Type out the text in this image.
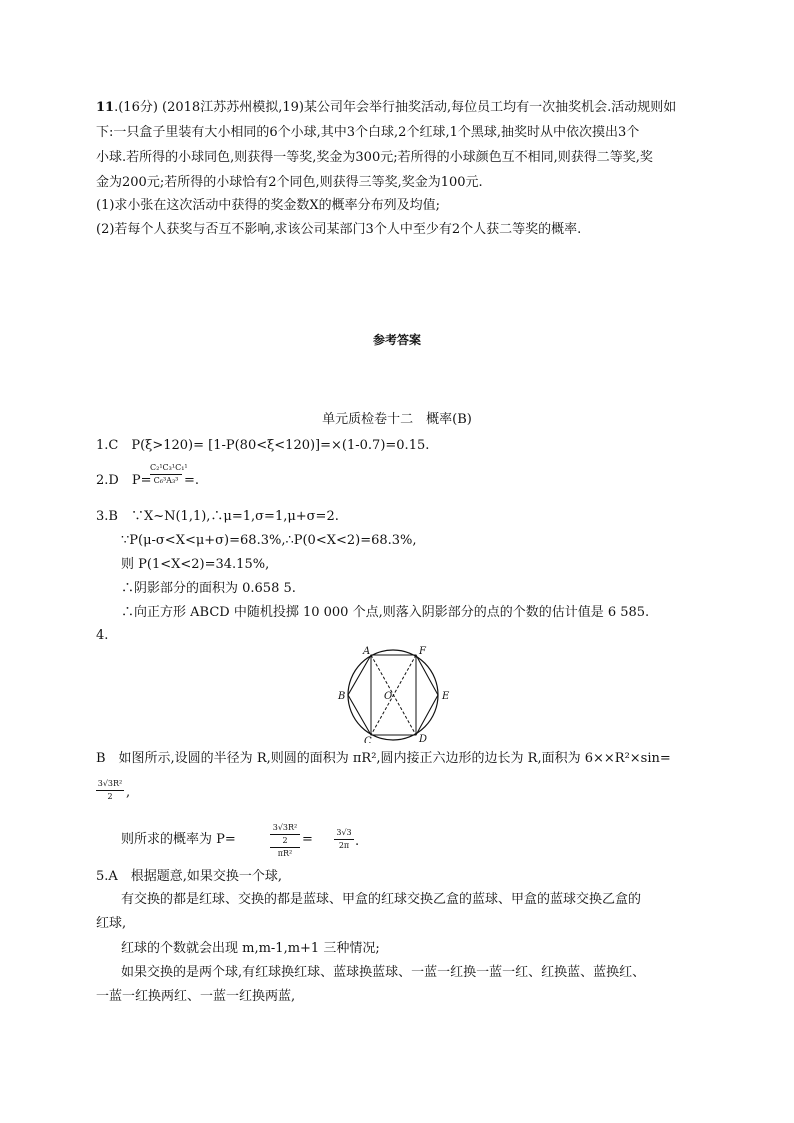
11.(16分) (2018江苏苏州模拟,19)某公司年会举行抽奖活动,每位员工均有一次抽奖机会.活动规则如
下:一只盒子里装有大小相同的6个小球,其中3个白球,2个红球,1个黑球,抽奖时从中依次摸出3个
小球.若所得的小球同色,则获得一等奖,奖金为300元;若所得的小球颜色互不相同,则获得二等奖,奖
金为200元;若所得的小球恰有2个同色,则获得三等奖,奖金为100元.
(1)求小张在这次活动中获得的奖金数X的概率分布列及均值;
(2)若每个人获奖与否互不影响,求该公司某部门3个人中至少有2个人获二等奖的概率.
参考答案
单元质检卷十二　概率(B)
1.C　P(ξ>120)= [1-P(80<ξ<120)]=×(1-0.7)=0.15.
2.D　P=
C₂¹C₃¹C₁¹
C₆³A₃³ =.
3.B　∵X~N(1,1),∴μ=1,σ=1,μ+σ=2.
∵P(μ-σ<X<μ+σ)=68.3%,∴P(0<X<2)=68.3%,
则 P(1<X<2)=34.15%,
∴阴影部分的面积为 0.658 5.
∴向正方形 ABCD 中随机投掷 10 000 个点,则落入阴影部分的点的个数的估计值是 6 585.
4.
A	F
B	O	E
C	D
B　如图所示,设圆的半径为 R,则圆的面积为 πR²,圆内接正六边形的边长为 R,面积为 6××R²×sin=
3√3R²
2	,
则所求的概率为 P=
3√3R²
2
πR²
=	3√3
2π .
5.A　根据题意,如果交换一个球,
有交换的都是红球、交换的都是蓝球、甲盒的红球交换乙盒的蓝球、甲盒的蓝球交换乙盒的
红球,
红球的个数就会出现 m,m-1,m+1 三种情况;
如果交换的是两个球,有红球换红球、蓝球换蓝球、一蓝一红换一蓝一红、红换蓝、蓝换红、
一蓝一红换两红、一蓝一红换两蓝,
